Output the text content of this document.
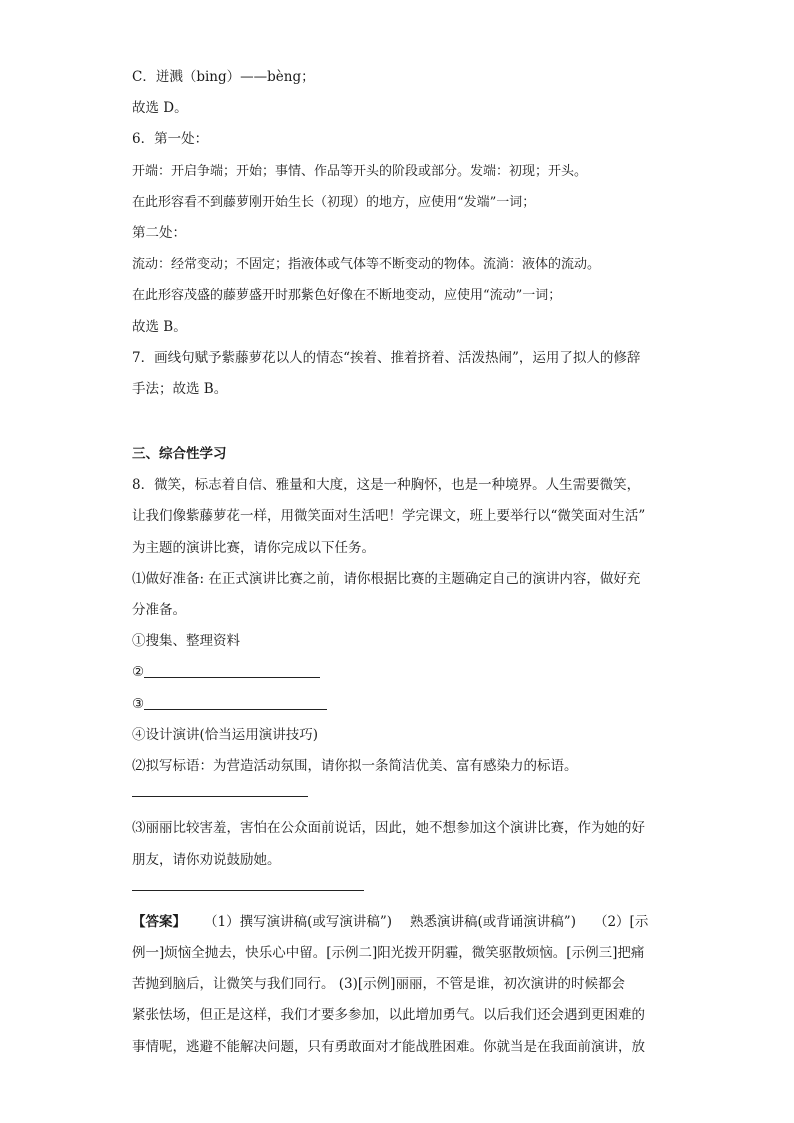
C．迸溅（bing）——bèng；
故选 D。
6．第一处：
开端：开启争端；开始；事情、作品等开头的阶段或部分。发端：初现；开头。
在此形容看不到藤萝刚开始生长（初现）的地方，应使用“发端”一词；
第二处：
流动：经常变动；不固定；指液体或气体等不断变动的物体。流淌：液体的流动。
在此形容茂盛的藤萝盛开时那紫色好像在不断地变动，应使用“流动”一词；
故选 B。
7．画线句赋予紫藤萝花以人的情态“挨着、推着挤着、活泼热闹”，运用了拟人的修辞
手法；故选 B。
三、综合性学习
8．微笑，标志着自信、雅量和大度，这是一种胸怀，也是一种境界。人生需要微笑，
让我们像紫藤萝花一样，用微笑面对生活吧！学完课文，班上要举行以“微笑面对生活”
为主题的演讲比赛，请你完成以下任务。
⑴做好准备: 在正式演讲比赛之前，请你根据比赛的主题确定自己的演讲内容，做好充
分准备。
①搜集、整理资料
②
③
④设计演讲(恰当运用演讲技巧)
⑵拟写标语：为营造活动氛围，请你拟一条简洁优美、富有感染力的标语。
⑶丽丽比较害羞，害怕在公众面前说话，因此，她不想参加这个演讲比赛，作为她的好
朋友，请你劝说鼓励她。
【答案】 （1）撰写演讲稿(或写演讲稿”) 熟悉演讲稿(或背诵演讲稿”) （2）[示
例一]烦恼全抛去，快乐心中留。[示例二]阳光拨开阴霾，微笑驱散烦恼。[示例三]把痛
苦抛到脑后，让微笑与我们同行。 (3)[示例]丽丽，不管是谁，初次演讲的时候都会
紧张怯场，但正是这样，我们才要多参加，以此增加勇气。以后我们还会遇到更困难的
事情呢，逃避不能解决问题，只有勇敢面对才能战胜困难。你就当是在我面前演讲，放
